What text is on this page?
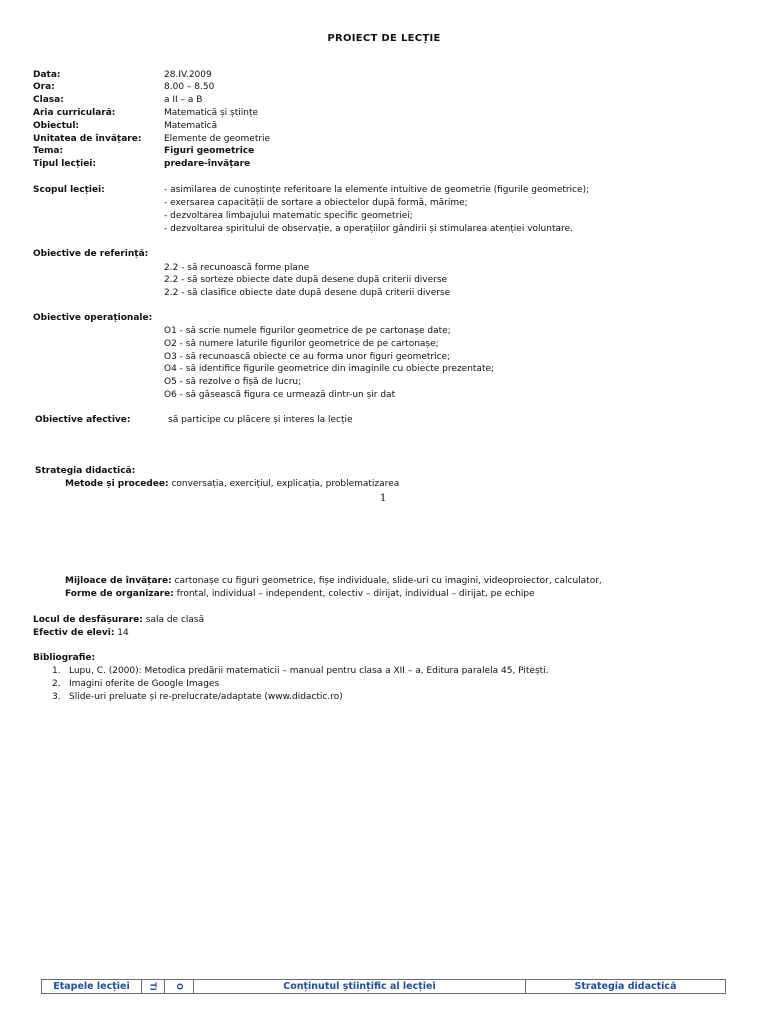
PROIECT DE LECȚIE
Data:	28.IV.2009
Ora:	8.00 – 8.50
Clasa:	a II – a B
Aria curriculară:	Matematică și științe
Obiectul:	Matematică
Unitatea de învățare:	Elemente de geometrie
Tema:	Figuri geometrice
Tipul lecției:	predare-învățare
Scopul lecției:	- asimilarea de cunoștințe referitoare la elemente intuitive de geometrie (figurile geometrice);
- exersarea capacității de sortare a obiectelor după formă, mărime;
- dezvoltarea limbajului matematic specific geometriei;
- dezvoltarea spiritului de observație, a operațiilor gândirii și stimularea atenției voluntare.
Obiective de referință:
2.2 - să recunoască forme plane
2.2 - să sorteze obiecte date după desene după criterii diverse
2.2 - să clasifice obiecte date după desene după criterii diverse
Obiective operaționale:
O1 - să scrie numele figurilor geometrice de pe cartonașe date;
O2 - să numere laturile figurilor geometrice de pe cartonașe;
O3 - să recunoască obiecte ce au forma unor figuri geometrice;
O4 - să identifice figurile geometrice din imaginile cu obiecte prezentate;
O5 - să rezolve o fișă de lucru;
O6 - să găsească figura ce urmează dintr-un șir dat
Obiective afective:	să participe cu plăcere și interes la lecție
Strategia didactică:
Metode și procedee: conversația, exercițiul, explicația, problematizarea
1
Mijloace de învățare: cartonașe cu figuri geometrice, fișe individuale, slide-uri cu imagini, videoproiector, calculator,
Forme de organizare: frontal, individual – independent, colectiv – dirijat, individual – dirijat, pe echipe
Locul de desfășurare: sala de clasă
Efectiv de elevi: 14
Bibliografie:
1. Lupu, C. (2000): Metodica predării matematicii – manual pentru clasa a XII – a, Editura paralela 45, Pitești.
2. Imagini oferite de Google Images
3. Slide-uri preluate și re-prelucrate/adaptate (www.didactic.ro)
Etapele lecției	Ti	O	Conținutul științific al lecției	Strategia didactică
